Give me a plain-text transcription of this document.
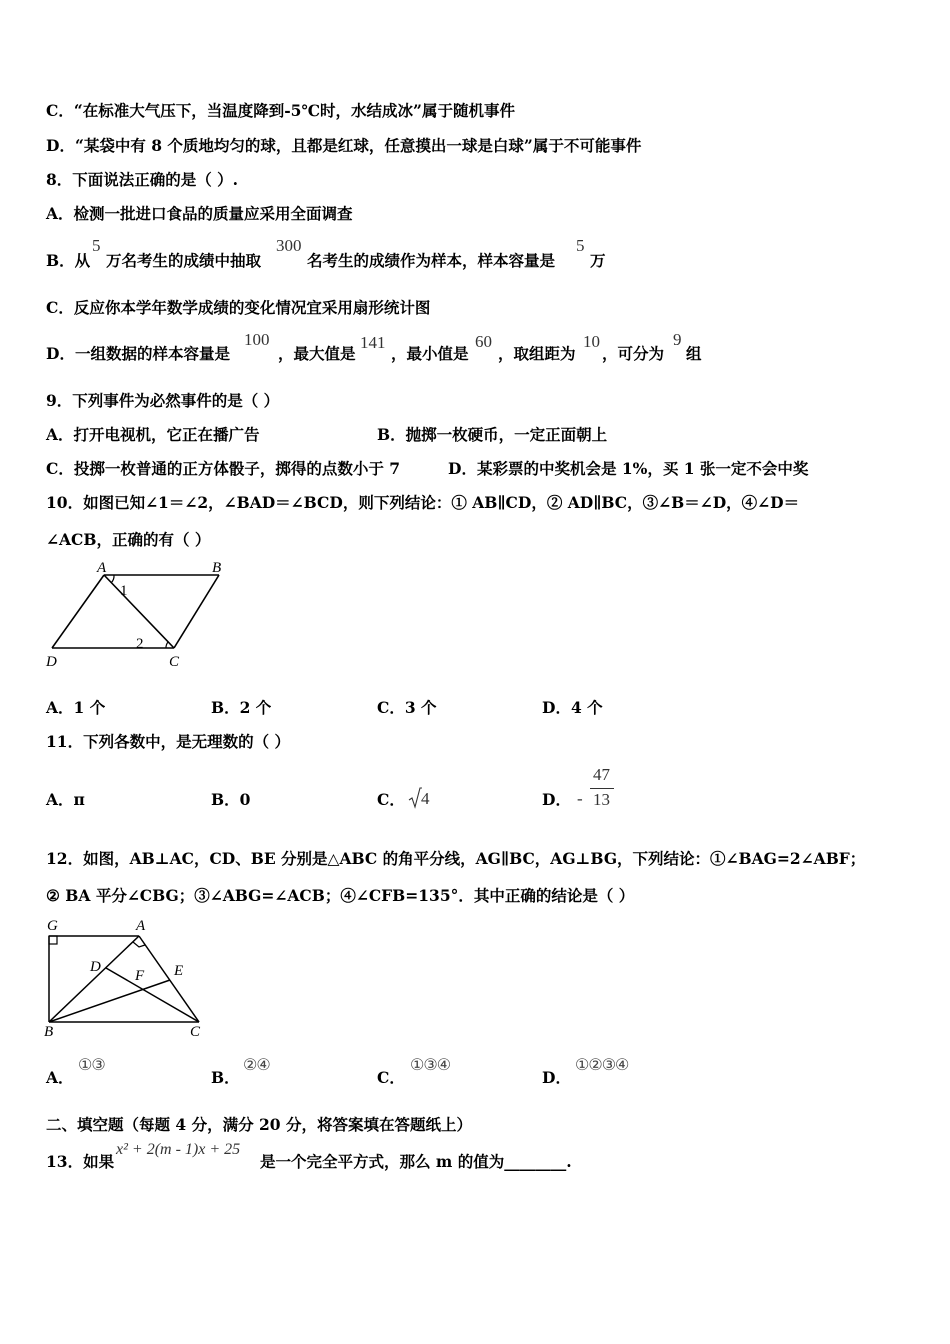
C．“在标准大气压下，当温度降到-5℃时，水结成冰”属于随机事件
D．“某袋中有 8 个质地均匀的球，且都是红球，任意摸出一球是白球”属于不可能事件
8．下面说法正确的是（ ）.
A．检测一批进口食品的质量应采用全面调查
B．从
5
万名考生的成绩中抽取
300
名考生的成绩作为样本，样本容量是
5
万
C．反应你本学年数学成绩的变化情况宜采用扇形统计图
D．一组数据的样本容量是
100
，最大值是
141
，最小值是
60
，取组距为
10
，可分为
9
组
9．下列事件为必然事件的是（ ）
A．打开电视机，它正在播广告	B．抛掷一枚硬币，一定正面朝上
C．投掷一枚普通的正方体骰子，掷得的点数小于 7	D．某彩票的中奖机会是 1%，买 1 张一定不会中奖
10．如图已知∠1＝∠2，∠BAD＝∠BCD，则下列结论：① AB∥CD，② AD∥BC，③∠B＝∠D，④∠D＝
∠ACB，正确的有（ ）
A	B
C
D
1
2
A．1 个	B．2 个	C．3 个	D．4 个
11．下列各数中，是无理数的（ ）
A．π	B．0	C． 4	D． -
47
13
12．如图，AB⊥AC，CD、BE 分别是△ABC 的角平分线，AG∥BC，AG⊥BG，下列结论：①∠BAG=2∠ABF；
② BA 平分∠CBG；③∠ABG=∠ACB；④∠CFB=135°．其中正确的结论是（ ）
G	A
D	E
F
B	C
A．
①③
B．
②④
C．
①③④
D．
①②③④
二、填空题（每题 4 分，满分 20 分，将答案填在答题纸上）
13．如果
x² + 2(m - 1)x + 25
是一个完全平方式，那么 m 的值为________.
